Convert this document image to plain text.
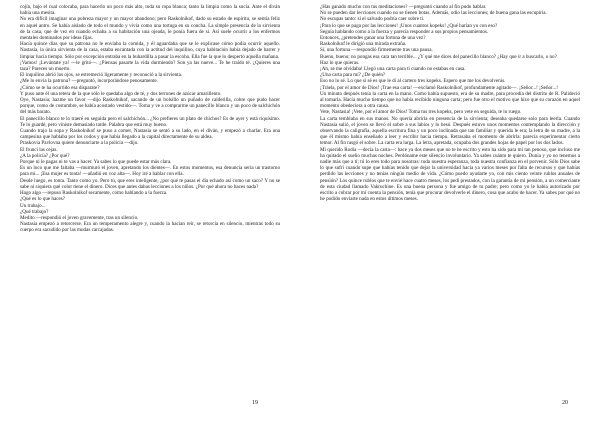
cojín, bajo el cual colocaba, para hacerlo un poco más alto, toda su ropa blanca; tanto la limpia como la sucia. Ante el diván había una mesita.
No era difícil imaginar una pobreza mayor y un mayor abandono; pero Raskolnikof, dado su estado de espíritu, se sentía feliz en aquel antro. Se había aislado de todo el mundo y vivía como una tortuga en su concha. La simple presencia de la sirvienta de la casa, que de vez en cuando echaba a su habitación una ojeada, le ponía fuera de sí. Así suele ocurrir a los enfermos mentales dominados por ideas fijas.
Hacía quince días que su patrona no le enviaba la comida, y él aguardaba que se le explicase cómo podía ocurrir aquello. Nastasia, la única sirvienta de la casa, estaba encantada con la actitud del inquilino, cuya habitación había dejado de barrer y limpiar hacía tiempo. Sólo por excepción entraba en la buhardilla a pasar la escoba. Ella fue la que lo despertó aquella mañana.
¡Vamos! ¡Levántate ya! —le gritó—. ¿Piensas pasarte la vida durmiendo? Son ya las nueve... Te he traído té. ¿Quieres una taza? Pareces un muerto.
El inquilino abrió los ojos, se estremeció ligeramente y reconoció a la sirvienta.
¿Me lo envía la patrona? —preguntó, incorporándose penosamente.
¿Cómo se te ha ocurrido esa disparate?
Y puso ante él una tetera de la que sólo le quedaba algo de té, y dos terrones de azúcar amarillento.
Oye, Nastasia; hazme un favor —dijo Raskolnikof, sacando de un bolsillo un puñado de calderilla, cobre que pudo hacer porque, como de costumbre, se había acostado vestido—. Toma y ve a comprarme un panecillo blanco y un poco de salchichón del más barato.
El panecillo blanco te lo traeré en seguida pero el salchichón... ¿No prefieres un plato de chichos? Es de ayer y está riquísimo. Te lo guardé, pero viniste demasiado tarde. Palabra que está muy bueno.
Cuando trajo la sopa y Raskolnikof se puso a comer, Nastasia se sentó a su lado, en el diván, y empezó a charlar. Era una campesina que hablaba por los codos y que había llegado a la capital directamente de su aldea.
Praskovia Pavlovna quiere denunciarte a la policía —dijo.
El fruncí las cejas.
¿A la policía? ¿Por qué?
Porque ni le pagas ni te vas a hacer. Ya sabes lo que puede estar más clara.
Es un loco que me faltaba —murmuró el joven, apretando los dientes—. En estos momentos, esa denuncia sería un trastorno para mí... ¡Esa mujer es tonta! —añadió en voz alta—. Hoy iré a hablar con ella.
Desde luego, es tonta. Tanto como yo. Pero tú, que eres inteligente, ¿por qué te pasas el día echado así como un saco? Y no se sabe ni siquiera qué color tiene el dinero. Dices que antes dabas lecciones a los niños. ¿Por qué ahora no haces nada?
Hago algo —repuso Raskolnikof secamente, como hablando a la fuerza.
¿Qué es lo que haces?
Un trabajo...
¿Qué trabajo?
Medito —respondió el joven gravemente, tras un silencio.
Nastasia empezó a retorcerse. Era un temperamento alegre y, cuando la hacían reír, se retorcía en silencio, mientras todo su cuerpo era sacudido por las mudas carcajadas.
19
¿Has ganado mucho con tus meditaciones? —preguntó cuando al fin pudo hablar.
No se pueden dar lecciones cuando no se tienen botas. Además, odio las lecciones; de buena gana las escupiría.
No escupas tanto: sí el salvado podría caer sobre ti.
¡Para lo que se paga por las lecciones! ¡Unos cuantos kopeks! ¿Qué harían yo con eso?
Seguía hablando como a la fuerza y parecía responder a sus propios pensamientos.
Entonces, ¿pretendes ganar una fortuna de una vez?
Raskolnikof le dirigió una mirada extraña.
Sí, una fortuna —respondió firmemente tras una pausa.
Bueno, bueno; no pongas esa cara tan terrible... ¿Y qué me dices del panecillo blanco? ¿Hay que ir a buscarlo, o no?
Haz lo que quieras.
¡Ah, se me olvidaba! Llegó una carta para ti cuando no estabas en casa.
¿Una carta para mí? ¿De quién?
Eso no lo sé. Lo que sí sé es que le di al cartero tres kopeks. Espero que me los devolverás.
¡Tráela, por el amor de Dios! ¡Trae esa carta! —exclamó Raskolnikof, profundamente agitado—. ¡Señor...! ¡Señor...!
Un minuto después tenía la carta en la mano. Como había supuesto, era de su madre, para procedía del distrito de R. Palideció al tomarla. Hacía mucho tiempo que no había recibido ninguna carta; pero fue otro el motivo que hizo que su corazón en aquel momento obedeciera a otra causa.
Vete, Nastasia! ¡Vete, por el amor de Dios! Toma tus tres kopeks, pero vete en seguida, te lo ruego.
La carta temblaba en sus manos. No quería abrirla en presencia de la sirvienta; deseaba quedarse solo para leerla. Cuando Nastasia salió, el joven se llevó el sobre a sus labios y lo besó. Después estuvo unos momentos contemplando la dirección y observando la caligrafía, aquella escritura fina y un poco inclinada que tan familiar y querida le era; la letra de su madre, a la que él mismo había enseñado a leer y escribir hacía tiempo. Retrasaba el momento de abrirla: parecía experimentar cierto temor. Al fin rasgó el sobre. La carta era larga. La letra, apretada, ocupaba dos grandes hojas de papel por los dos lados.
Mi querido Rodia —decía la carta—: hace ya dos meses que no te he escrito y esto ha sido para mí tan penoso, que incluso me ha quitado el sueño muchas noches. Perdóname este silencio involuntario. Ya sabes cuánto te quiero. Dunia y yo no tenemos a nadie más que a ti; tú lo eres todo para nosotras: toda nuestra esperanza, toda nuestra confianza en el porvenir. Sólo Dios sabe lo que sufrí cuando supe que habías tenido que dejar la universidad hacía ya varios meses por falta de recursos y que habías perdido las lecciones y no tenías ningún medio de vida. ¿Cómo puedo ayudarte yo, con mis ciento veinte rublos anuales de pensión? Los quince rublos que te envié hace cuatro meses, los pedí prestados, con la garantía de mi pensión, a un comerciante de esta ciudad llamado Vakruchine. Es una buena persona y fue amigo de tu padre; pero como yo le había autorizado por escrito a cobrar por mí cuenta la pensión, tenía que procurar devolverle el dinero, cosa que acabo de hacer. Ya sabes por qué no he podido enviarte nada en estos últimos meses.
20
